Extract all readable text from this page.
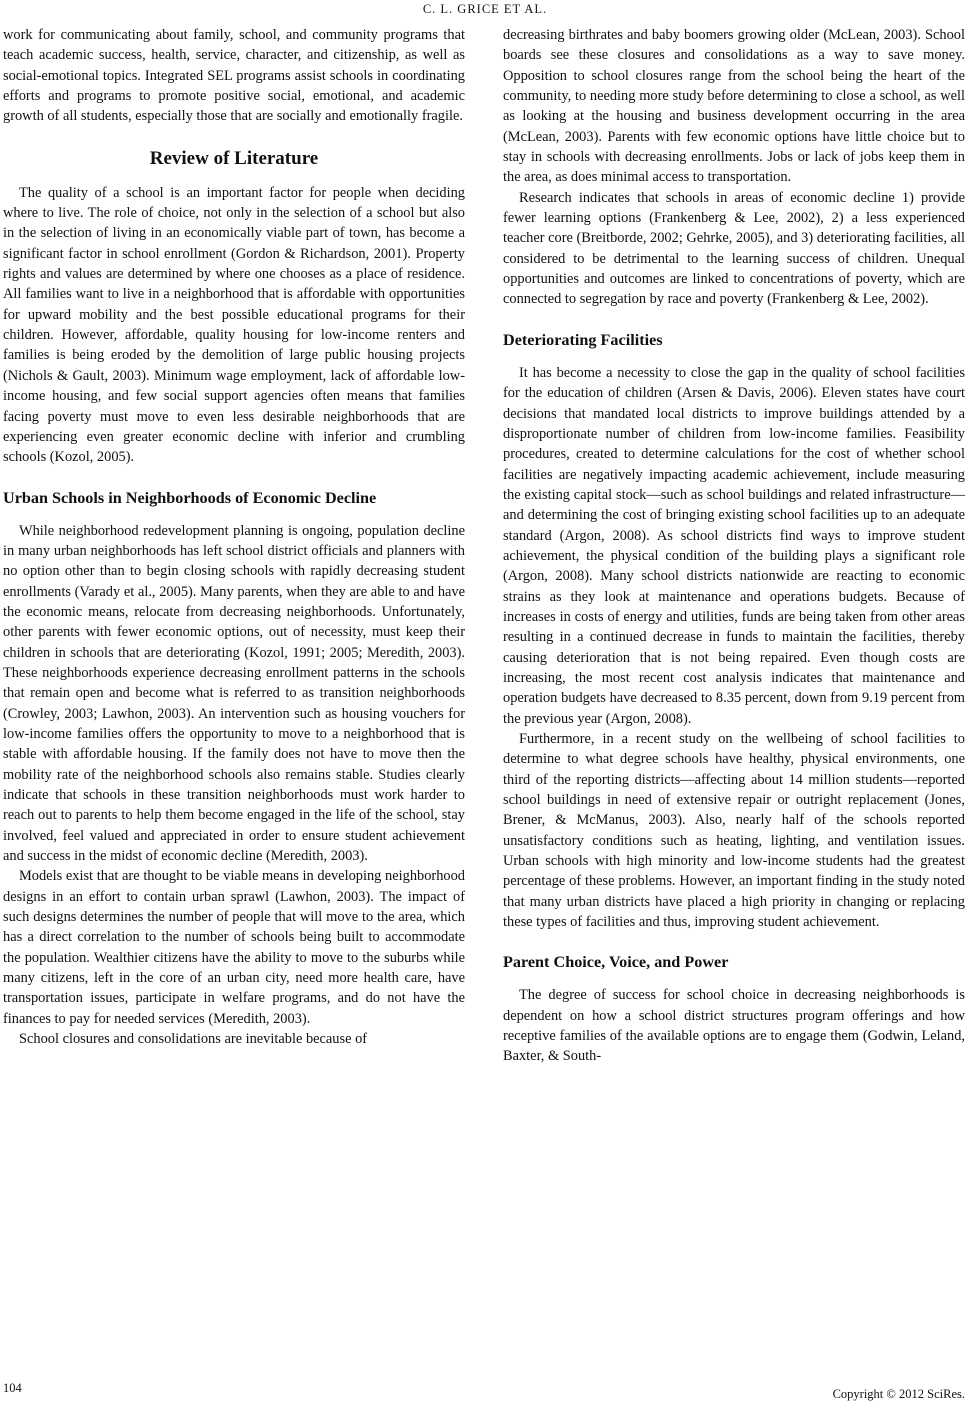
C. L. GRICE ET AL.

work for communicating about family, school, and community programs that teach academic success, health, service, character, and citizenship, as well as social-emotional topics. Integrated SEL programs assist schools in coordinating efforts and programs to promote positive social, emotional, and academic growth of all students, especially those that are socially and emotionally fragile.

Review of Literature

The quality of a school is an important factor for people when deciding where to live. The role of choice, not only in the selection of a school but also in the selection of living in an economically viable part of town, has become a significant factor in school enrollment (Gordon & Richardson, 2001). Property rights and values are determined by where one chooses as a place of residence. All families want to live in a neighborhood that is affordable with opportunities for upward mobility and the best possible educational programs for their children. However, affordable, quality housing for low-income renters and families is being eroded by the demolition of large public housing projects (Nichols & Gault, 2003). Minimum wage employment, lack of affordable low-income housing, and few social support agencies often means that families facing poverty must move to even less desirable neighborhoods that are experiencing even greater economic decline with inferior and crumbling schools (Kozol, 2005).

Urban Schools in Neighborhoods of Economic Decline

While neighborhood redevelopment planning is ongoing, population decline in many urban neighborhoods has left school district officials and planners with no option other than to begin closing schools with rapidly decreasing student enrollments (Varady et al., 2005). Many parents, when they are able to and have the economic means, relocate from decreasing neighborhoods. Unfortunately, other parents with fewer economic options, out of necessity, must keep their children in schools that are deteriorating (Kozol, 1991; 2005; Meredith, 2003). These neighborhoods experience decreasing enrollment patterns in the schools that remain open and become what is referred to as transition neighborhoods (Crowley, 2003; Lawhon, 2003). An intervention such as housing vouchers for low-income families offers the opportunity to move to a neighborhood that is stable with affordable housing. If the family does not have to move then the mobility rate of the neighborhood schools also remains stable. Studies clearly indicate that schools in these transition neighborhoods must work harder to reach out to parents to help them become engaged in the life of the school, stay involved, feel valued and appreciated in order to ensure student achievement and success in the midst of economic decline (Meredith, 2003).

Models exist that are thought to be viable means in developing neighborhood designs in an effort to contain urban sprawl (Lawhon, 2003). The impact of such designs determines the number of people that will move to the area, which has a direct correlation to the number of schools being built to accommodate the population. Wealthier citizens have the ability to move to the suburbs while many citizens, left in the core of an urban city, need more health care, have transportation issues, participate in welfare programs, and do not have the finances to pay for needed services (Meredith, 2003).

School closures and consolidations are inevitable because of

decreasing birthrates and baby boomers growing older (McLean, 2003). School boards see these closures and consolidations as a way to save money. Opposition to school closures range from the school being the heart of the community, to needing more study before determining to close a school, as well as looking at the housing and business development occurring in the area (McLean, 2003). Parents with few economic options have little choice but to stay in schools with decreasing enrollments. Jobs or lack of jobs keep them in the area, as does minimal access to transportation.

Research indicates that schools in areas of economic decline 1) provide fewer learning options (Frankenberg & Lee, 2002), 2) a less experienced teacher core (Breitborde, 2002; Gehrke, 2005), and 3) deteriorating facilities, all considered to be detrimental to the learning success of children. Unequal opportunities and outcomes are linked to concentrations of poverty, which are connected to segregation by race and poverty (Frankenberg & Lee, 2002).

Deteriorating Facilities

It has become a necessity to close the gap in the quality of school facilities for the education of children (Arsen & Davis, 2006). Eleven states have court decisions that mandated local districts to improve buildings attended by a disproportionate number of children from low-income families. Feasibility procedures, created to determine calculations for the cost of whether school facilities are negatively impacting academic achievement, include measuring the existing capital stock—such as school buildings and related infrastructure—and determining the cost of bringing existing school facilities up to an adequate standard (Argon, 2008). As school districts find ways to improve student achievement, the physical condition of the building plays a significant role (Argon, 2008). Many school districts nationwide are reacting to economic strains as they look at maintenance and operations budgets. Because of increases in costs of energy and utilities, funds are being taken from other areas resulting in a continued decrease in funds to maintain the facilities, thereby causing deterioration that is not being repaired. Even though costs are increasing, the most recent cost analysis indicates that maintenance and operation budgets have decreased to 8.35 percent, down from 9.19 percent from the previous year (Argon, 2008).

Furthermore, in a recent study on the wellbeing of school facilities to determine to what degree schools have healthy, physical environments, one third of the reporting districts—affecting about 14 million students—reported school buildings in need of extensive repair or outright replacement (Jones, Brener, & McManus, 2003). Also, nearly half of the schools reported unsatisfactory conditions such as heating, lighting, and ventilation issues. Urban schools with high minority and low-income students had the greatest percentage of these problems. However, an important finding in the study noted that many urban districts have placed a high priority in changing or replacing these types of facilities and thus, improving student achievement.

Parent Choice, Voice, and Power

The degree of success for school choice in decreasing neighborhoods is dependent on how a school district structures program offerings and how receptive families of the available options are to engage them (Godwin, Leland, Baxter, & South-

104	Copyright © 2012 SciRes.
